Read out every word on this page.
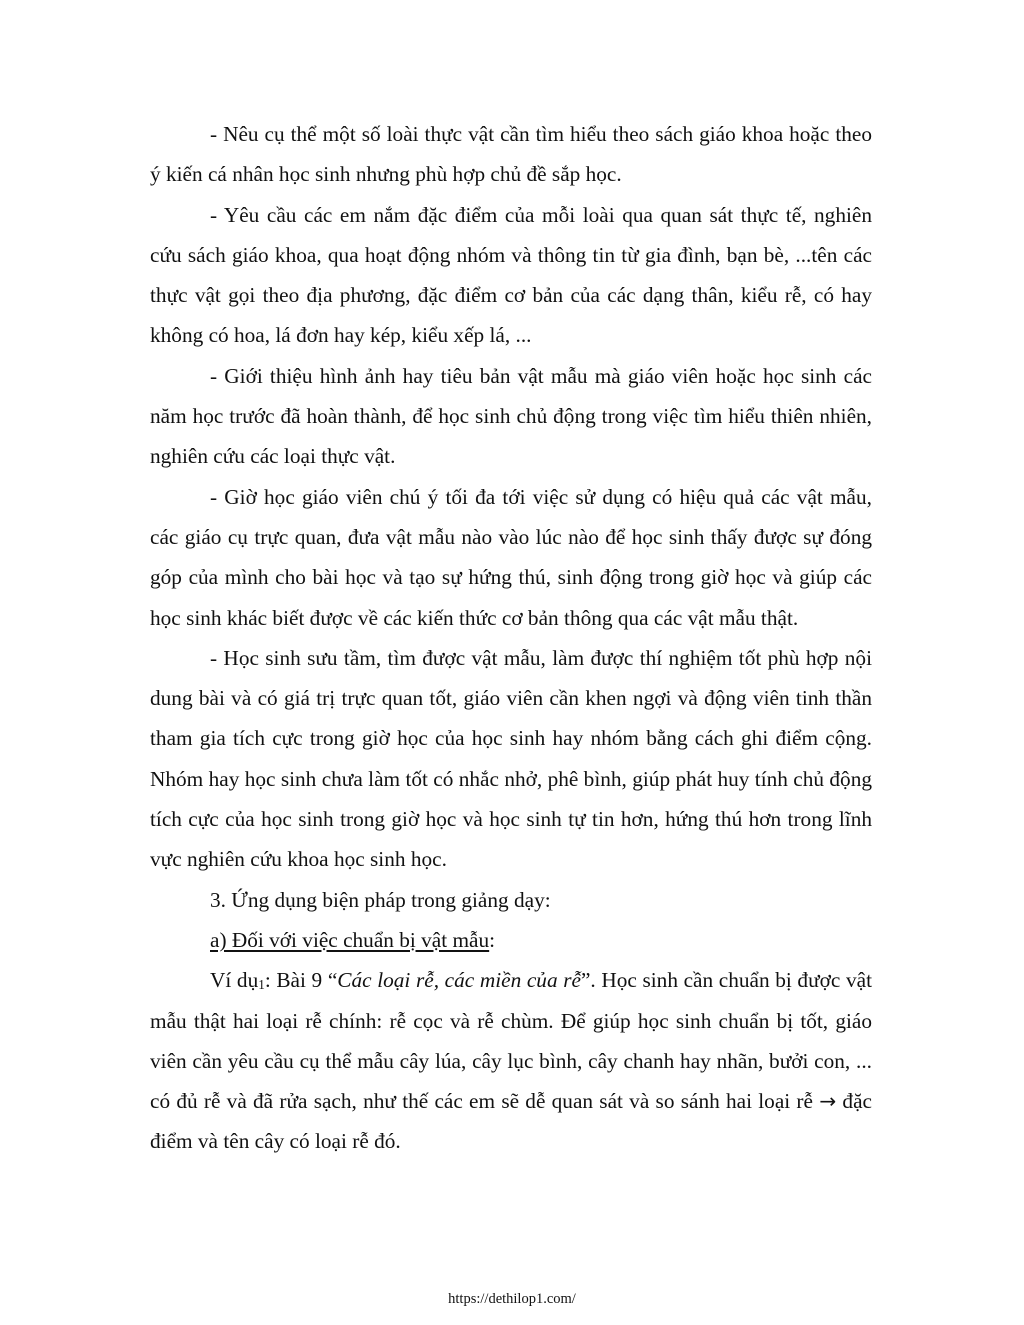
- Nêu cụ thể một số loài thực vật cần tìm hiểu theo sách giáo khoa hoặc theo ý kiến cá nhân học sinh nhưng phù hợp chủ đề sắp học.

- Yêu cầu các em nắm đặc điểm của mỗi loài qua quan sát thực tế, nghiên cứu sách giáo khoa, qua hoạt động nhóm và thông tin từ gia đình, bạn bè, ...tên các thực vật gọi theo địa phương, đặc điểm cơ bản của các dạng thân, kiểu rễ, có hay không có hoa, lá đơn hay kép, kiểu xếp lá, ...

- Giới thiệu hình ảnh hay tiêu bản vật mẫu mà giáo viên hoặc học sinh các năm học trước đã hoàn thành, để học sinh chủ động trong việc tìm hiểu thiên nhiên, nghiên cứu các loại thực vật.

- Giờ học giáo viên chú ý tối đa tới việc sử dụng có hiệu quả các vật mẫu, các giáo cụ trực quan, đưa vật mẫu nào vào lúc nào để học sinh thấy được sự đóng góp của mình cho bài học và tạo sự hứng thú, sinh động trong giờ học và giúp các học sinh khác biết được về các kiến thức cơ bản thông qua các vật mẫu thật.

- Học sinh sưu tầm, tìm được vật mẫu, làm được thí nghiệm tốt phù hợp nội dung bài và có giá trị trực quan tốt, giáo viên cần khen ngợi và động viên tinh thần tham gia tích cực trong giờ học của học sinh hay nhóm bằng cách ghi điểm cộng. Nhóm hay học sinh chưa làm tốt có nhắc nhở, phê bình, giúp phát huy tính chủ động tích cực của học sinh trong giờ học và học sinh tự tin hơn, hứng thú hơn trong lĩnh vực nghiên cứu khoa học sinh học.

3. Ứng dụng biện pháp trong giảng dạy:

a) Đối với việc chuẩn bị vật mẫu:

Ví dụ$_1$: Bài 9 “Các loại rễ, các miền của rễ”. Học sinh cần chuẩn bị được vật mẫu thật hai loại rễ chính: rễ cọc và rễ chùm. Để giúp học sinh chuẩn bị tốt, giáo viên cần yêu cầu cụ thể mẫu cây lúa, cây lục bình, cây chanh hay nhãn, bưởi con, ... có đủ rễ và đã rửa sạch, như thế các em sẽ dễ quan sát và so sánh hai loại rễ → đặc điểm và tên cây có loại rễ đó.

https://dethilop1.com/
